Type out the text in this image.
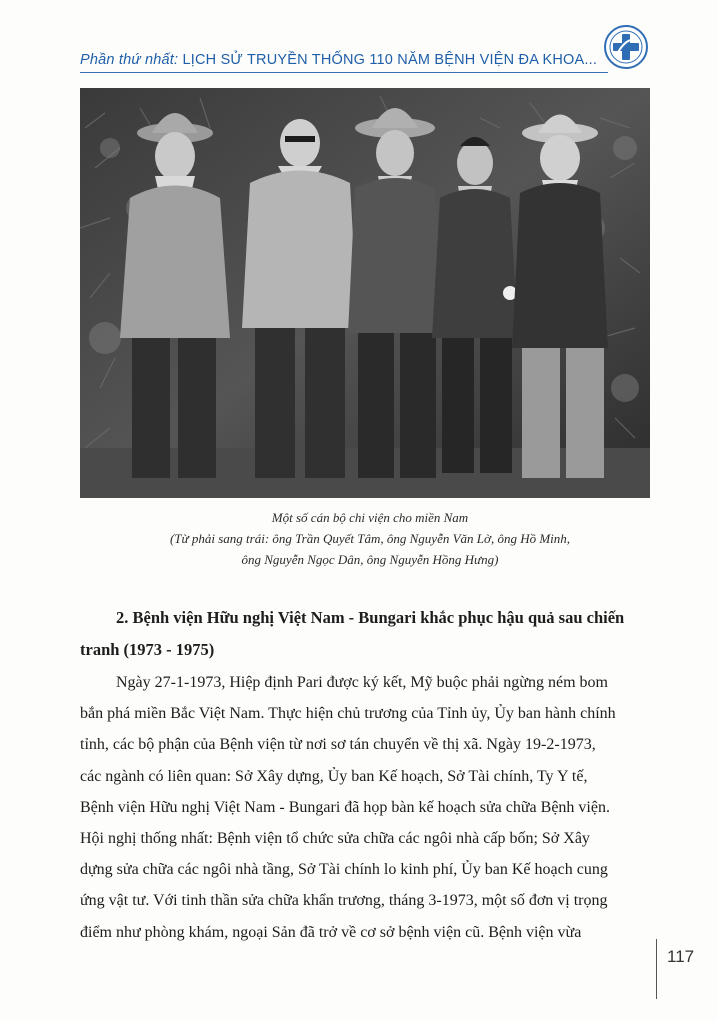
Phần thứ nhất: LỊCH SỬ TRUYỀN THỐNG 110 NĂM BỆNH VIỆN ĐA KHOA...
Một số cán bộ chi viện cho miền Nam
(Từ phải sang trái: ông Trần Quyết Tâm, ông Nguyễn Văn Lờ, ông Hồ Minh,
ông Nguyễn Ngọc Dân, ông Nguyễn Hồng Hưng)
2. Bệnh viện Hữu nghị Việt Nam - Bungari khắc phục hậu quả sau chiến
tranh (1973 - 1975)
Ngày 27-1-1973, Hiệp định Pari được ký kết, Mỹ buộc phải ngừng ném bom
bắn phá miền Bắc Việt Nam. Thực hiện chủ trương của Tỉnh ủy, Ủy ban hành chính
tỉnh, các bộ phận của Bệnh viện từ nơi sơ tán chuyển về thị xã. Ngày 19-2-1973,
các ngành có liên quan: Sở Xây dựng, Ủy ban Kế hoạch, Sở Tài chính, Ty Y tế,
Bệnh viện Hữu nghị Việt Nam - Bungari đã họp bàn kế hoạch sửa chữa Bệnh viện.
Hội nghị thống nhất: Bệnh viện tổ chức sửa chữa các ngôi nhà cấp bốn; Sở Xây
dựng sửa chữa các ngôi nhà tầng, Sở Tài chính lo kinh phí, Ủy ban Kế hoạch cung
ứng vật tư. Với tinh thần sửa chữa khẩn trương, tháng 3-1973, một số đơn vị trọng
điểm như phòng khám, ngoại Sản đã trở về cơ sở bệnh viện cũ. Bệnh viện vừa
117
